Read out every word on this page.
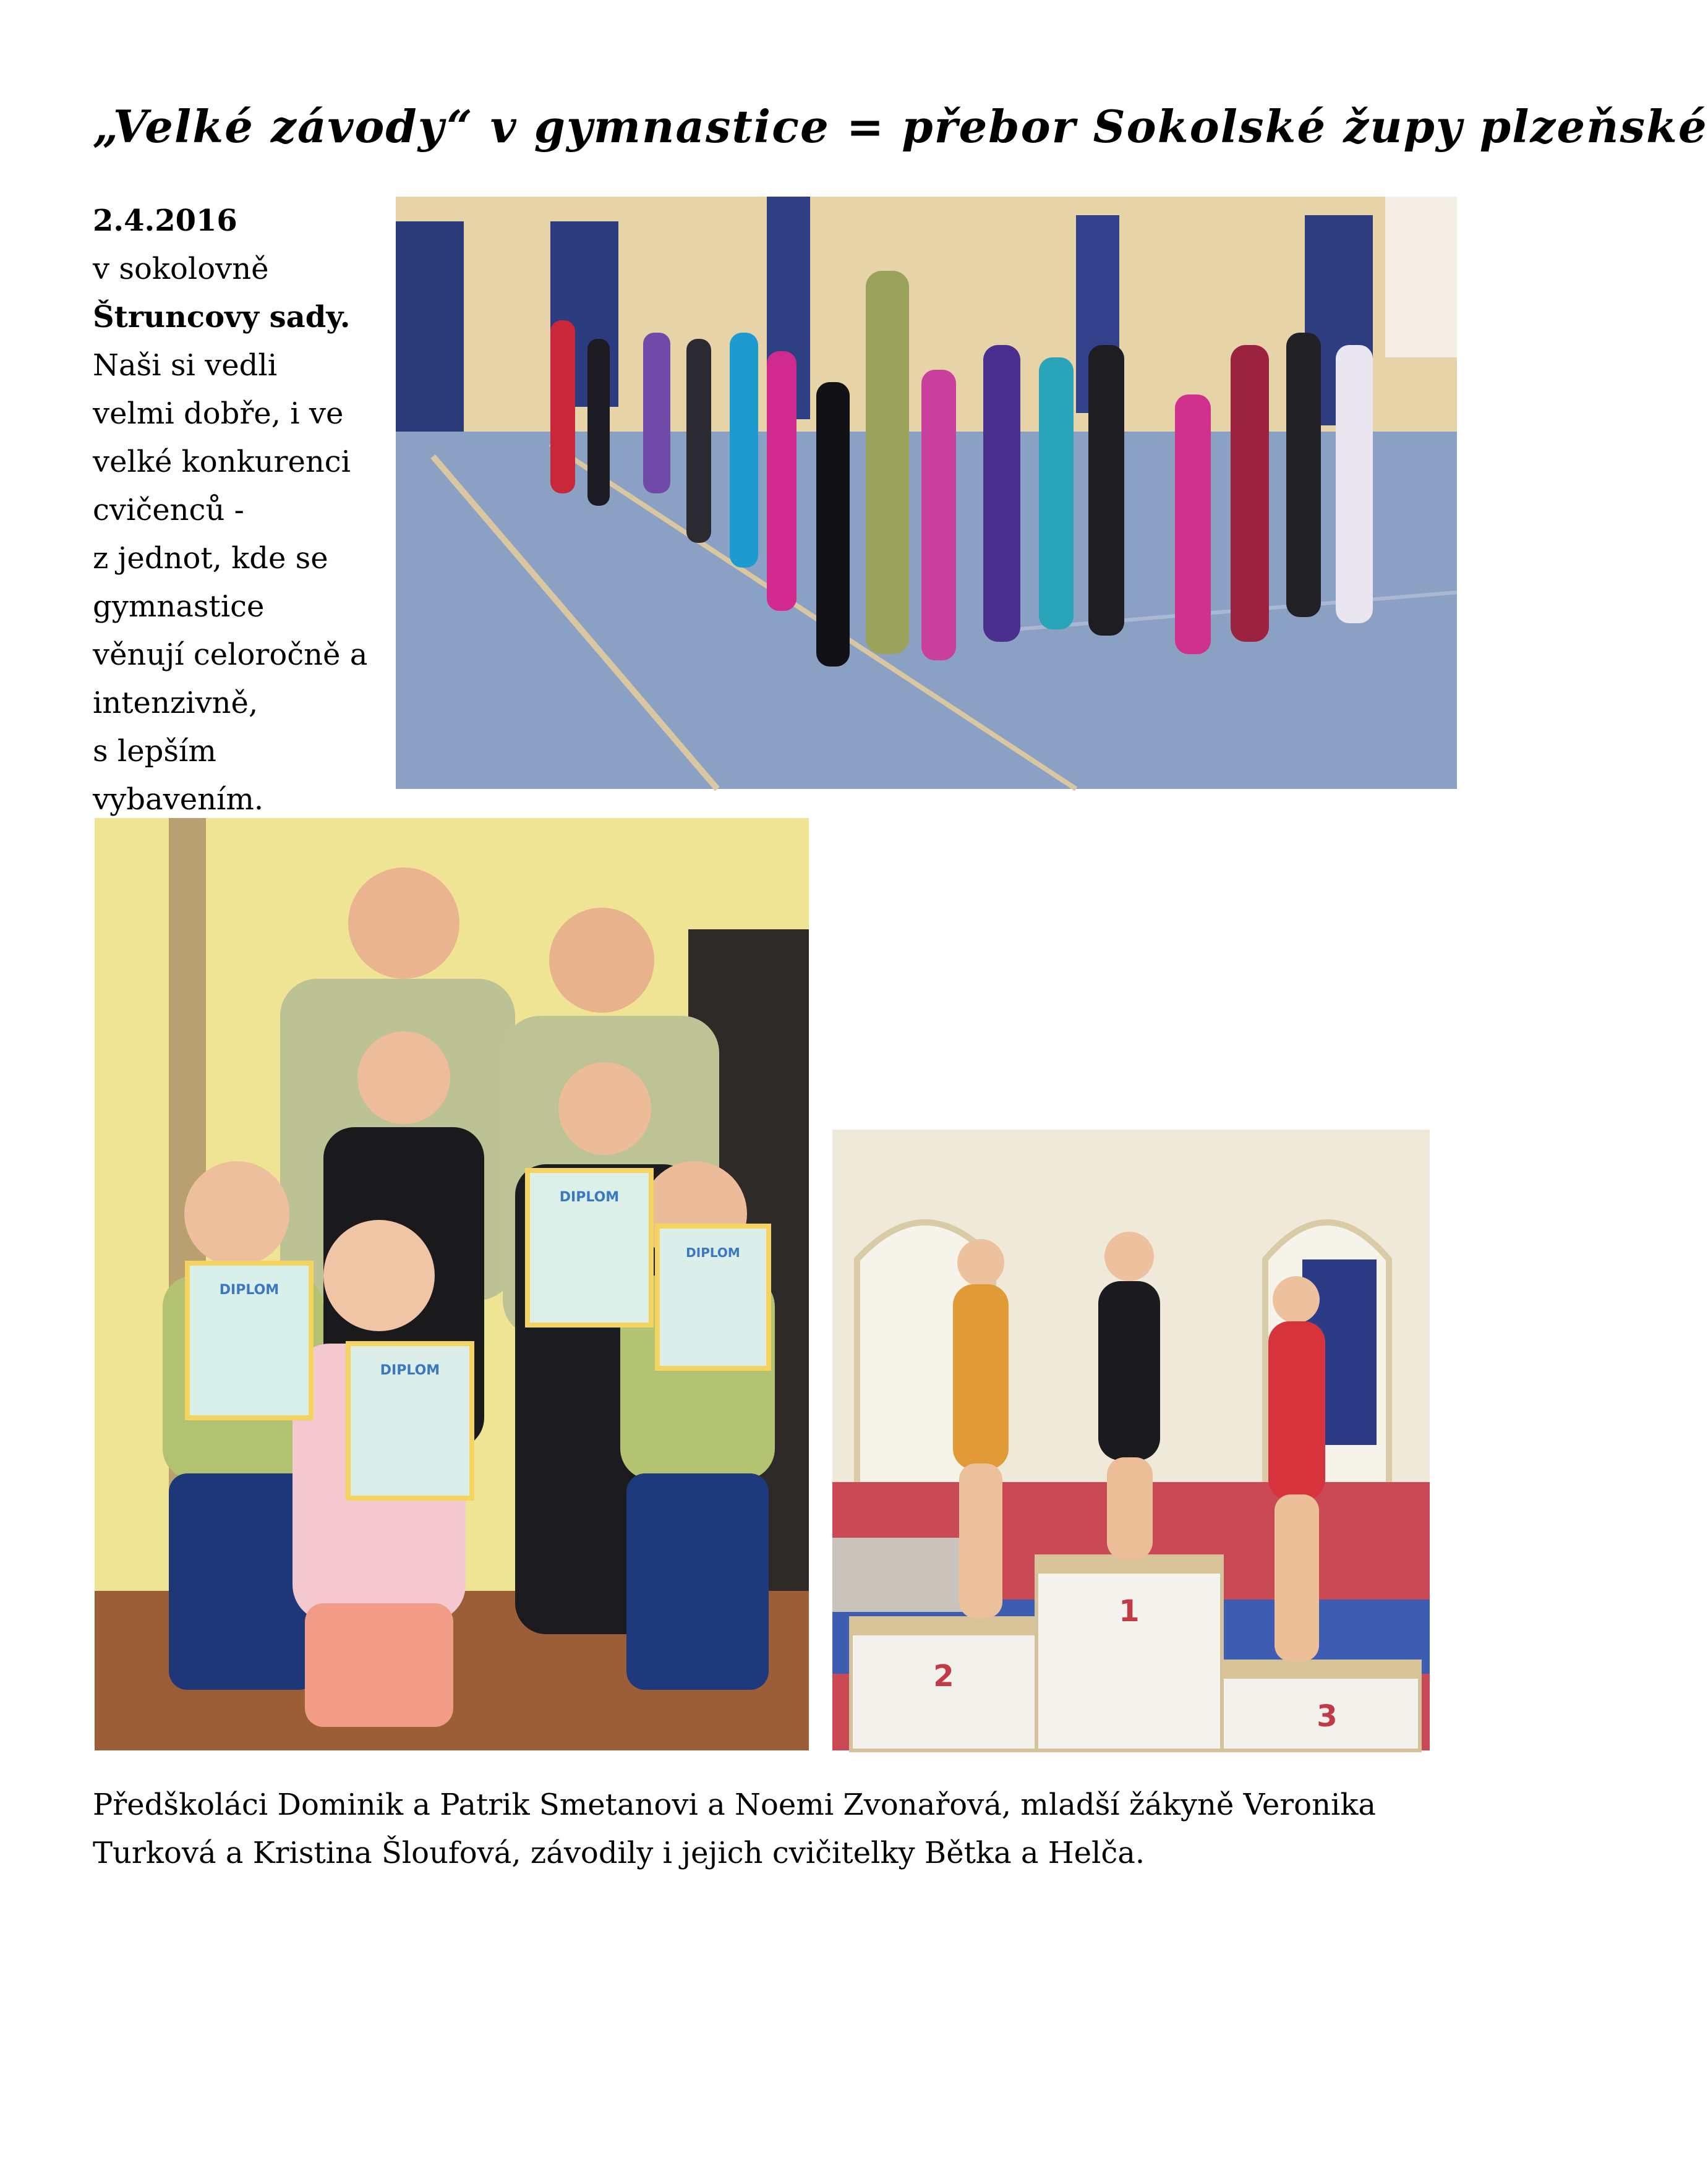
„Velké závody“ v gymnastice = přebor Sokolské župy plzeňské
2.4.2016
v sokolovně
Štruncovy sady.
Naši si vedli
velmi dobře, i ve
velké konkurenci
cvičenců -
z jednot, kde se
gymnastice
věnují celoročně a
intenzivně,
s lepším
vybavením.
DIPLOM
DIPLOM
DIPLOM
DIPLOM
1
2
3
Předškoláci Dominik a Patrik Smetanovi a Noemi Zvonařová, mladší žákyně Veronika
Turková a Kristina Šloufová, závodily i jejich cvičitelky Bětka a Helča.
